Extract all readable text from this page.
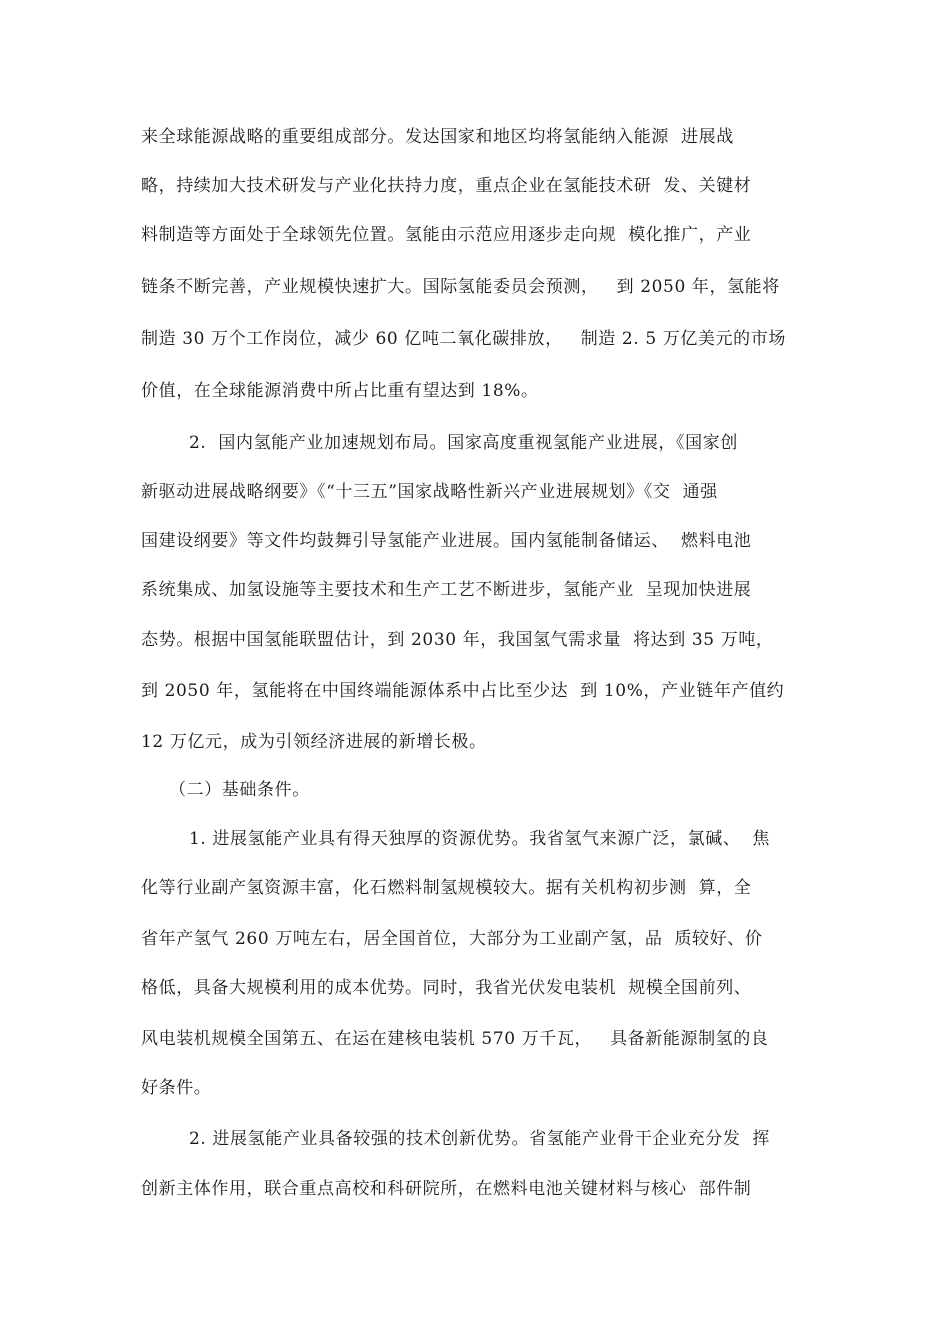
来全球能源战略的重要组成部分。发达国家和地区均将氢能纳入能源  进展战
略，持续加大技术研发与产业化扶持力度，重点企业在氢能技术研  发、关键材
料制造等方面处于全球领先位置。氢能由示范应用逐步走向规  模化推广，产业
链条不断完善，产业规模快速扩大。国际氢能委员会预测，   到 2050 年，氢能将
制造 30 万个工作岗位，减少 60 亿吨二氧化碳排放，   制造 2. 5 万亿美元的市场
价值，在全球能源消费中所占比重有望达到 18%。
2.  国内氢能产业加速规划布局。国家高度重视氢能产业进展，《国家创
新驱动进展战略纲要》《“十三五”国家战略性新兴产业进展规划》《交  通强
国建设纲要》等文件均鼓舞引导氢能产业进展。国内氢能制备储运、  燃料电池
系统集成、加氢设施等主要技术和生产工艺不断进步，氢能产业  呈现加快进展
态势。根据中国氢能联盟估计，到 2030 年，我国氢气需求量  将达到 35 万吨，
到 2050 年，氢能将在中国终端能源体系中占比至少达  到 10%，产业链年产值约
12 万亿元，成为引领经济进展的新增长极。
（二）基础条件。
1. 进展氢能产业具有得天独厚的资源优势。我省氢气来源广泛，氯碱、  焦
化等行业副产氢资源丰富，化石燃料制氢规模较大。据有关机构初步测  算，全
省年产氢气 260 万吨左右，居全国首位，大部分为工业副产氢，品  质较好、价
格低，具备大规模利用的成本优势。同时，我省光伏发电装机  规模全国前列、
风电装机规模全国第五、在运在建核电装机 570 万千瓦，   具备新能源制氢的良
好条件。
2. 进展氢能产业具备较强的技术创新优势。省氢能产业骨干企业充分发  挥
创新主体作用，联合重点高校和科研院所，在燃料电池关键材料与核心  部件制
